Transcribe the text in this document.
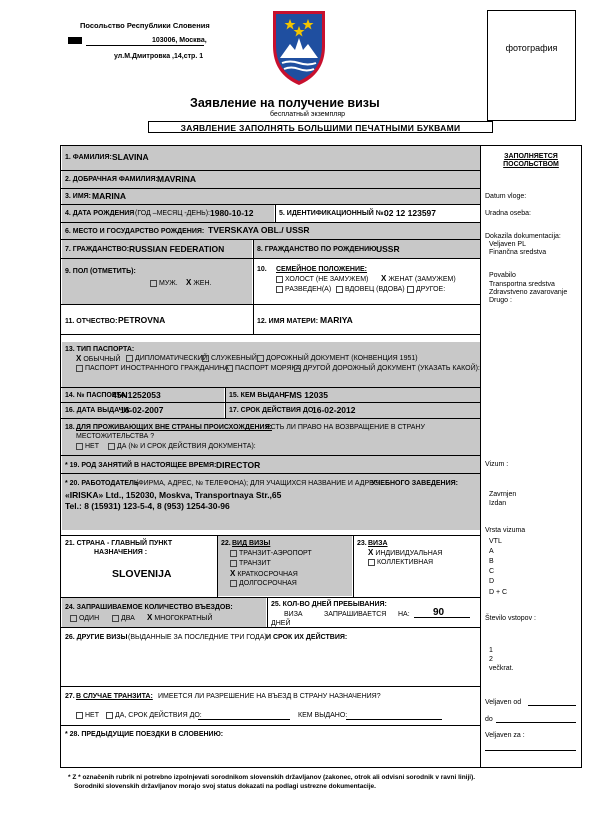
Посольство Республики Словения
103006, Москва,
ул.М.Дмитровка ,14,стр. 1
фотография
Заявление на получение визы
бесплатный экземпляр
ЗАЯВЛЕНИЕ ЗАПОЛНЯТЬ БОЛЬШИМИ ПЕЧАТНЫМИ БУКВАМИ
1. ФАМИЛИЯ: SLAVINA
2. ДОБРАЧНАЯ ФАМИЛИЯ: MAVRINA
3. ИМЯ: MARINA
4. ДАТА РОЖДЕНИЯ (ГОД –МЕСЯЦ -ДЕНЬ): 1980-10-12	5. ИДЕНТИФИКАЦИОННЫЙ №:
02 12 123597
6. МЕСТО И ГОСУДАРСТВО РОЖДЕНИЯ: TVERSKAYA OBL./ USSR
7. ГРАЖДАНСТВО: RUSSIAN FEDERATION	8. ГРАЖДАНСТВО ПО РОЖДЕНИЮ:
USSR
9. ПОЛ (ОТМЕТИТЬ):
МУЖ. X ЖЕН.
10. СЕМЕЙНОЕ ПОЛОЖЕНИЕ:
ХОЛОСТ (НЕ ЗАМУЖЕМ) X ЖЕНАТ (ЗАМУЖЕМ)
РАЗВЕДЕН(А)	ВДОВЕЦ (ВДОВА)	ДРУГОЕ:
11. ОТЧЕСТВО: PETROVNA	12. ИМЯ МАТЕРИ: MARIYA
13. ТИП ПАСПОРТА:
X ОБЫЧНЫЙ	ДИПЛОМАТИЧЕСКИЙ СЛУЖЕБНЫЙ	ДОРОЖНЫЙ ДОКУМЕНТ (КОНВЕНЦИЯ 1951)
ПАСПОРТ ИНОСТРАННОГО ГРАЖДАНИНА ПАСПОРТ МОРЯКА ДРУГОЙ ДОРОЖНЫЙ ДОКУМЕНТ (УКАЗАТЬ КАКОЙ):
14. № ПАСПОРТА:
45N1252053	15. КЕМ ВЫДАН:
FMS 12035
16. ДАТА ВЫДАЧИ:
16-02-2007	17. СРОК ДЕЙСТВИЯ ДО:
16-02-2012
18. ДЛЯ ПРОЖИВАЮЩИХ ВНЕ СТРАНЫ ПРОИСХОЖДЕНИЯ:
ЕСТЬ ЛИ ПРАВО НА ВОЗВРАЩЕНИЕ В СТРАНУ
МЕСТОЖИТЕЛЬСТВА ?
НЕТ	ДА (№ И СРОК ДЕЙСТВИЯ ДОКУМЕНТА):
* 19. РОД ЗАНЯТИЙ В НАСТОЯЩЕЕ ВРЕМЯ: DIRECTOR
* 20. РАБОТОДАТЕЛЬ
(ФИРМА, АДРЕС, № ТЕЛЕФОНА); ДЛЯ УЧАЩИХСЯ НАЗВАНИЕ И АДРЕС
УЧЕБНОГО ЗАВЕДЕНИЯ:
«IRISKA» Ltd., 152030, Moskva, Transportnaya Str.,65
Tel.: 8 (15931) 123-5-4, 8 (953) 1254-30-96
21. СТРАНА - ГЛАВНЫЙ ПУНКТ
НАЗНАЧЕНИЯ :
SLOVENIJA
22. ВИД ВИЗЫ
ТРАНЗИТ-АЭРОПОРТ
ТРАНЗИТ
X КРАТКОСРОЧНАЯ
ДОЛГОСРОЧНАЯ
23. ВИЗА
X ИНДИВИДУАЛЬНАЯ
КОЛЛЕКТИВНАЯ
24. ЗАПРАШИВАЕМОЕ КОЛИЧЕСТВО ВЪЕЗДОВ:
ОДИН	ДВА X МНОГОКРАТНЫЙ
25. КОЛ-ВО ДНЕЙ ПРЕБЫВАНИЯ:
ВИЗА	ЗАПРАШИВАЕТСЯ НА: 90
ДНЕЙ
26. ДРУГИЕ ВИЗЫ (ВЫДАННЫЕ ЗА ПОСЛЕДНИЕ ТРИ ГОДА) И СРОК ИХ ДЕЙСТВИЯ:
27. В СЛУЧАЕ ТРАНЗИТА: ИМЕЕТСЯ ЛИ РАЗРЕШЕНИЕ НА ВЪЕЗД В СТРАНУ НАЗНАЧЕНИЯ?
НЕТ	ДА, СРОК ДЕЙСТВИЯ ДО:	КЕМ ВЫДАНО:
* 28. ПРЕДЫДУЩИЕ ПОЕЗДКИ В СЛОВЕНИЮ:
ЗАПОЛНЯЕТСЯ
ПОСОЛЬСТВОМ
Datum vloge:
Uradna oseba:
Dokazila dokumentacija:
Veljaven PL
Finančna sredstva
Povabilo
Transportna sredstva
Zdravstveno zavarovanje
Drugo :
Vizum :
Zavrnjen
Izdan
Vrsta vizuma
VTL
A
B
C
D
D + C
Število vstopov :
1
2
večkrat.
Veljaven od
do
Veljaven za :
* Z * označenih rubrik ni potrebno izpolnjevati sorodnikom slovenskih državljanov (zakonec, otrok ali odvisni sorodnik v ravni liniji).
Sorodniki slovenskih državljanov morajo svoj status dokazati na podlagi ustrezne dokumentacije.
